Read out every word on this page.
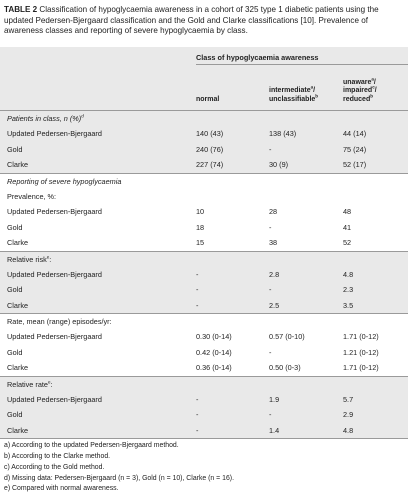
TABLE 2 Classification of hypoglycaemia awareness in a cohort of 325 type 1 diabetic patients using the updated Pedersen-Bjergaard classification and the Gold and Clarke classifications [10]. Prevalence of awareness classes and reporting of severe hypoglycaemia by class.
Class of hypoglycaemia awareness
normal
intermediate$^a$/
unclassifiable$^b$
unaware$^a$/
impaired$^c$/
reduced$^b$
Patients in class, n (%)$^d$
Updated Pedersen-Bjergaard	140 (43)	138 (43)	44 (14)
Gold	240 (76)	-	75 (24)
Clarke	227 (74)	30 (9)	52 (17)
Reporting of severe hypoglycaemia
Prevalence, %:
Updated Pedersen-Bjergaard	10	28	48
Gold	18	-	41
Clarke	15	38	52
Relative risk$^e$:
Updated Pedersen-Bjergaard	-	2.8	4.8
Gold	-	-	2.3
Clarke	-	2.5	3.5
Rate, mean (range) episodes/yr:
Updated Pedersen-Bjergaard	0.30 (0-14)	0.57 (0-10)	1.71 (0-12)
Gold	0.42 (0-14)	-	1.21 (0-12)
Clarke	0.36 (0-14)	0.50 (0-3)	1.71 (0-12)
Relative rate$^e$:
Updated Pedersen-Bjergaard	-	1.9	5.7
Gold	-	-	2.9
Clarke	-	1.4	4.8
a) According to the updated Pedersen-Bjergaard method.
b) According to the Clarke method.
c) According to the Gold method.
d) Missing data: Pedersen-Bjergaard (n = 3), Gold (n = 10), Clarke (n = 16).
e) Compared with normal awareness.
